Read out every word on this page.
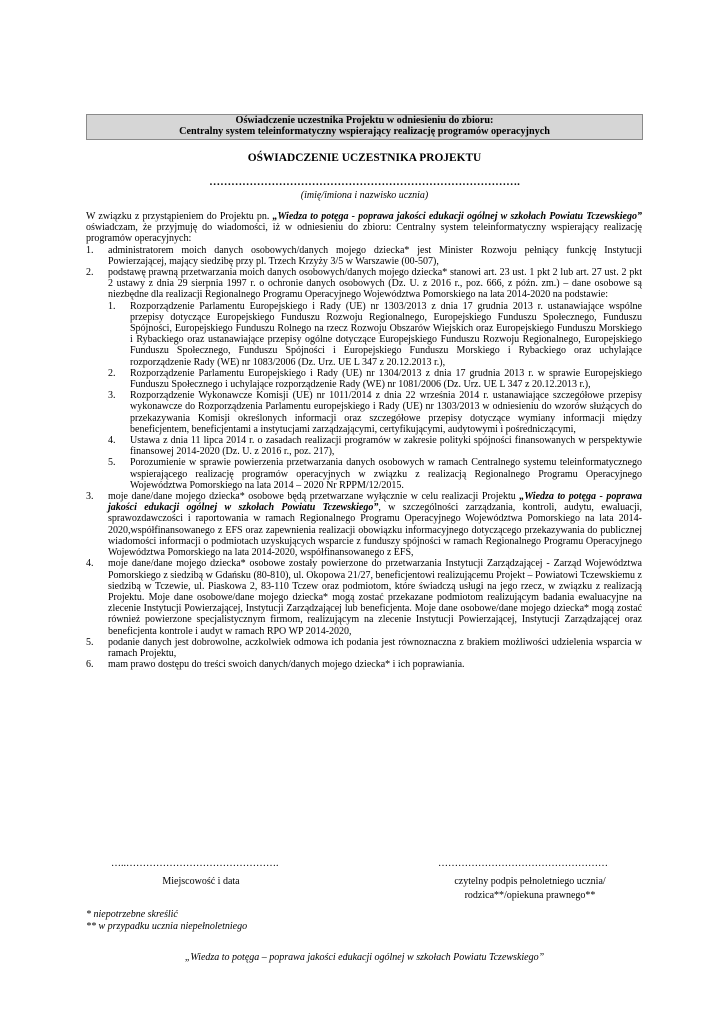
Oświadczenie uczestnika Projektu w odniesieniu do zbioru:
Centralny system teleinformatyczny wspierający realizację programów operacyjnych
OŚWIADCZENIE UCZESTNIKA PROJEKTU
………………………………………………………………………….
(imię/imiona i nazwisko ucznia)

W związku z przystąpieniem do Projektu pn. „Wiedza to potęga - poprawa jakości edukacji ogólnej w szkołach Powiatu Tczewskiego” oświadczam, że przyjmuję do wiadomości, iż w odniesieniu do zbioru: Centralny system teleinformatyczny wspierający realizację programów operacyjnych:

1. administratorem moich danych osobowych/danych mojego dziecka* jest Minister Rozwoju pełniący funkcję Instytucji Powierzającej, mający siedzibę przy pl. Trzech Krzyży 3/5 w Warszawie (00-507),
2. podstawę prawną przetwarzania moich danych osobowych/danych mojego dziecka* stanowi art. 23 ust. 1 pkt 2 lub art. 27 ust. 2 pkt 2 ustawy z dnia 29 sierpnia 1997 r. o ochronie danych osobowych (Dz. U. z 2016 r., poz. 666, z późn. zm.) – dane osobowe są niezbędne dla realizacji Regionalnego Programu Operacyjnego Województwa Pomorskiego na lata 2014-2020 na podstawie:
1. Rozporządzenie Parlamentu Europejskiego i Rady (UE) nr 1303/2013 z dnia 17 grudnia 2013 r. ustanawiające wspólne przepisy dotyczące Europejskiego Funduszu Rozwoju Regionalnego, Europejskiego Funduszu Społecznego, Funduszu Spójności, Europejskiego Funduszu Rolnego na rzecz Rozwoju Obszarów Wiejskich oraz Europejskiego Funduszu Morskiego i Rybackiego oraz ustanawiające przepisy ogólne dotyczące Europejskiego Funduszu Rozwoju Regionalnego, Europejskiego Funduszu Społecznego, Funduszu Spójności i Europejskiego Funduszu Morskiego i Rybackiego oraz uchylające rozporządzenie Rady (WE) nr 1083/2006 (Dz. Urz. UE L 347 z 20.12.2013 r.),
2. Rozporządzenie Parlamentu Europejskiego i Rady (UE) nr 1304/2013 z dnia 17 grudnia 2013 r. w sprawie Europejskiego Funduszu Społecznego i uchylające rozporządzenie Rady (WE) nr 1081/2006 (Dz. Urz. UE L 347 z 20.12.2013 r.),
3. Rozporządzenie Wykonawcze Komisji (UE) nr 1011/2014 z dnia 22 września 2014 r. ustanawiające szczegółowe przepisy wykonawcze do Rozporządzenia Parlamentu europejskiego i Rady (UE) nr 1303/2013 w odniesieniu do wzorów służących do przekazywania Komisji określonych informacji oraz szczegółowe przepisy dotyczące wymiany informacji między beneficjentem, beneficjentami a instytucjami zarządzającymi, certyfikującymi, audytowymi i pośredniczącymi,
4. Ustawa z dnia 11 lipca 2014 r. o zasadach realizacji programów w zakresie polityki spójności finansowanych w perspektywie finansowej 2014-2020 (Dz. U. z 2016 r., poz. 217),
5. Porozumienie w sprawie powierzenia przetwarzania danych osobowych w ramach Centralnego systemu teleinformatycznego wspierającego realizację programów operacyjnych w związku z realizacją Regionalnego Programu Operacyjnego Województwa Pomorskiego na lata 2014 – 2020 Nr RPPM/12/2015.
3. moje dane/dane mojego dziecka* osobowe będą przetwarzane wyłącznie w celu realizacji Projektu „Wiedza to potęga - poprawa jakości edukacji ogólnej w szkołach Powiatu Tczewskiego”, w szczególności zarządzania, kontroli, audytu, ewaluacji, sprawozdawczości i raportowania w ramach Regionalnego Programu Operacyjnego Województwa Pomorskiego na lata 2014-2020,współfinansowanego z EFS oraz zapewnienia realizacji obowiązku informacyjnego dotyczącego przekazywania do publicznej wiadomości informacji o podmiotach uzyskujących wsparcie z funduszy spójności w ramach Regionalnego Programu Operacyjnego Województwa Pomorskiego na lata 2014-2020, współfinansowanego z EFS,
4. moje dane/dane mojego dziecka* osobowe zostały powierzone do przetwarzania Instytucji Zarządzającej - Zarząd Województwa Pomorskiego z siedzibą w Gdańsku (80-810), ul. Okopowa 21/27, beneficjentowi realizującemu Projekt – Powiatowi Tczewskiemu z siedzibą w Tczewie, ul. Piaskowa 2, 83-110 Tczew oraz podmiotom, które świadczą usługi na jego rzecz, w związku z realizacją Projektu. Moje dane osobowe/dane mojego dziecka* mogą zostać przekazane podmiotom realizującym badania ewaluacyjne na zlecenie Instytucji Powierzającej, Instytucji Zarządzającej lub beneficjenta. Moje dane osobowe/dane mojego dziecka* mogą zostać również powierzone specjalistycznym firmom, realizującym na zlecenie Instytucji Powierzającej, Instytucji Zarządzającej oraz beneficjenta kontrole i audyt w ramach RPO WP 2014-2020,
5. podanie danych jest dobrowolne, aczkolwiek odmowa ich podania jest równoznaczna z brakiem możliwości udzielenia wsparcia w ramach Projektu,
6. mam prawo dostępu do treści swoich danych/danych mojego dziecka* i ich poprawiania.
…..……………………………………….	……………………………………………
Miejscowość i data	czytelny podpis pełnoletniego ucznia/
rodzica**/opiekuna prawnego**
* niepotrzebne skreślić
** w przypadku ucznia niepełnoletniego
„Wiedza to potęga – poprawa jakości edukacji ogólnej w szkołach Powiatu Tczewskiego”
